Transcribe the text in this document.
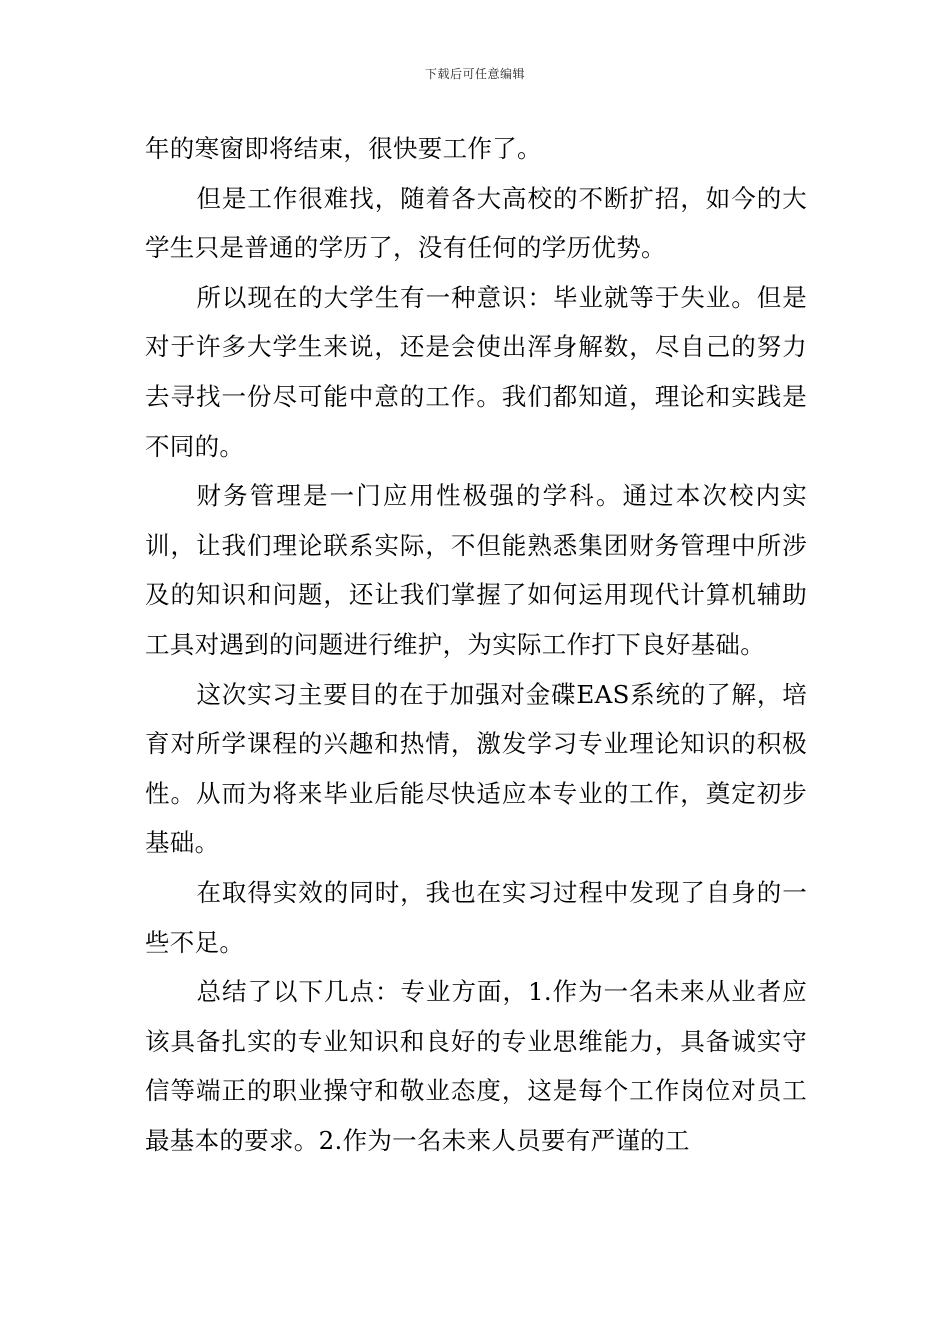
下载后可任意编辑

年的寒窗即将结束，很快要工作了。

但是工作很难找，随着各大高校的不断扩招，如今的大学生只是普通的学历了，没有任何的学历优势。

所以现在的大学生有一种意识：毕业就等于失业。但是对于许多大学生来说，还是会使出浑身解数，尽自己的努力去寻找一份尽可能中意的工作。我们都知道，理论和实践是不同的。

财务管理是一门应用性极强的学科。通过本次校内实训，让我们理论联系实际，不但能熟悉集团财务管理中所涉及的知识和问题，还让我们掌握了如何运用现代计算机辅助工具对遇到的问题进行维护，为实际工作打下良好基础。

这次实习主要目的在于加强对金碟EAS系统的了解，培育对所学课程的兴趣和热情，激发学习专业理论知识的积极性。从而为将来毕业后能尽快适应本专业的工作，奠定初步基础。

在取得实效的同时，我也在实习过程中发现了自身的一些不足。

总结了以下几点：专业方面，1.作为一名未来从业者应该具备扎实的专业知识和良好的专业思维能力，具备诚实守信等端正的职业操守和敬业态度，这是每个工作岗位对员工最基本的要求。2.作为一名未来人员要有严谨的工
